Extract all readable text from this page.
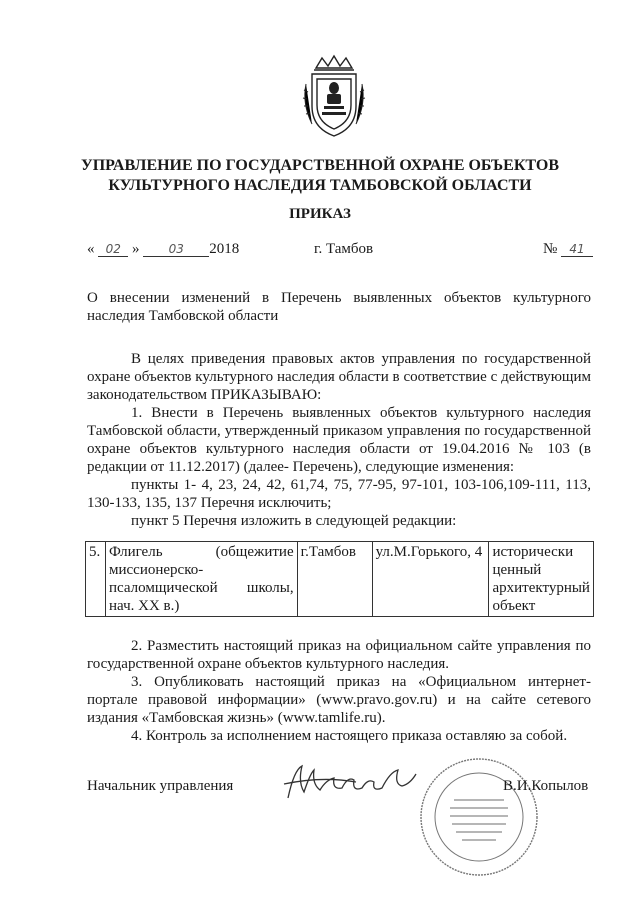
УПРАВЛЕНИЕ ПО ГОСУДАРСТВЕННОЙ ОХРАНЕ ОБЪЕКТОВ
КУЛЬТУРНОГО НАСЛЕДИЯ ТАМБОВСКОЙ ОБЛАСТИ
ПРИКАЗ
« 02 » 03 2018	г. Тамбов	№ 41
О внесении изменений в Перечень выявленных объектов культурного
наследия Тамбовской области
В целях приведения правовых актов управления по государственной охране объектов культурного наследия области в соответствие с действующим законодательством ПРИКАЗЫВАЮ:
1. Внести в Перечень выявленных объектов культурного наследия Тамбовской области, утвержденный приказом управления по государственной охране объектов культурного наследия области от 19.04.2016 № 103 (в редакции от 11.12.2017) (далее- Перечень), следующие изменения:
пункты 1- 4, 23, 24, 42, 61,74, 75, 77-95, 97-101, 103-106,109-111, 113, 130-133, 135, 137 Перечня исключить;
пункт 5 Перечня изложить в следующей редакции:
5.	Флигель (общежитие миссионерско-псаломщической школы, нач. XX в.)	г.Тамбов	ул.М.Горького, 4	исторически ценный архитектурный объект
2. Разместить настоящий приказ на официальном сайте управления по государственной охране объектов культурного наследия.
3. Опубликовать настоящий приказ на «Официальном интернет-портале правовой информации» (www.pravo.gov.ru) и на сайте сетевого издания «Тамбовская жизнь» (www.tamlife.ru).
4. Контроль за исполнением настоящего приказа оставляю за собой.
Начальник управления	В.И.Копылов
